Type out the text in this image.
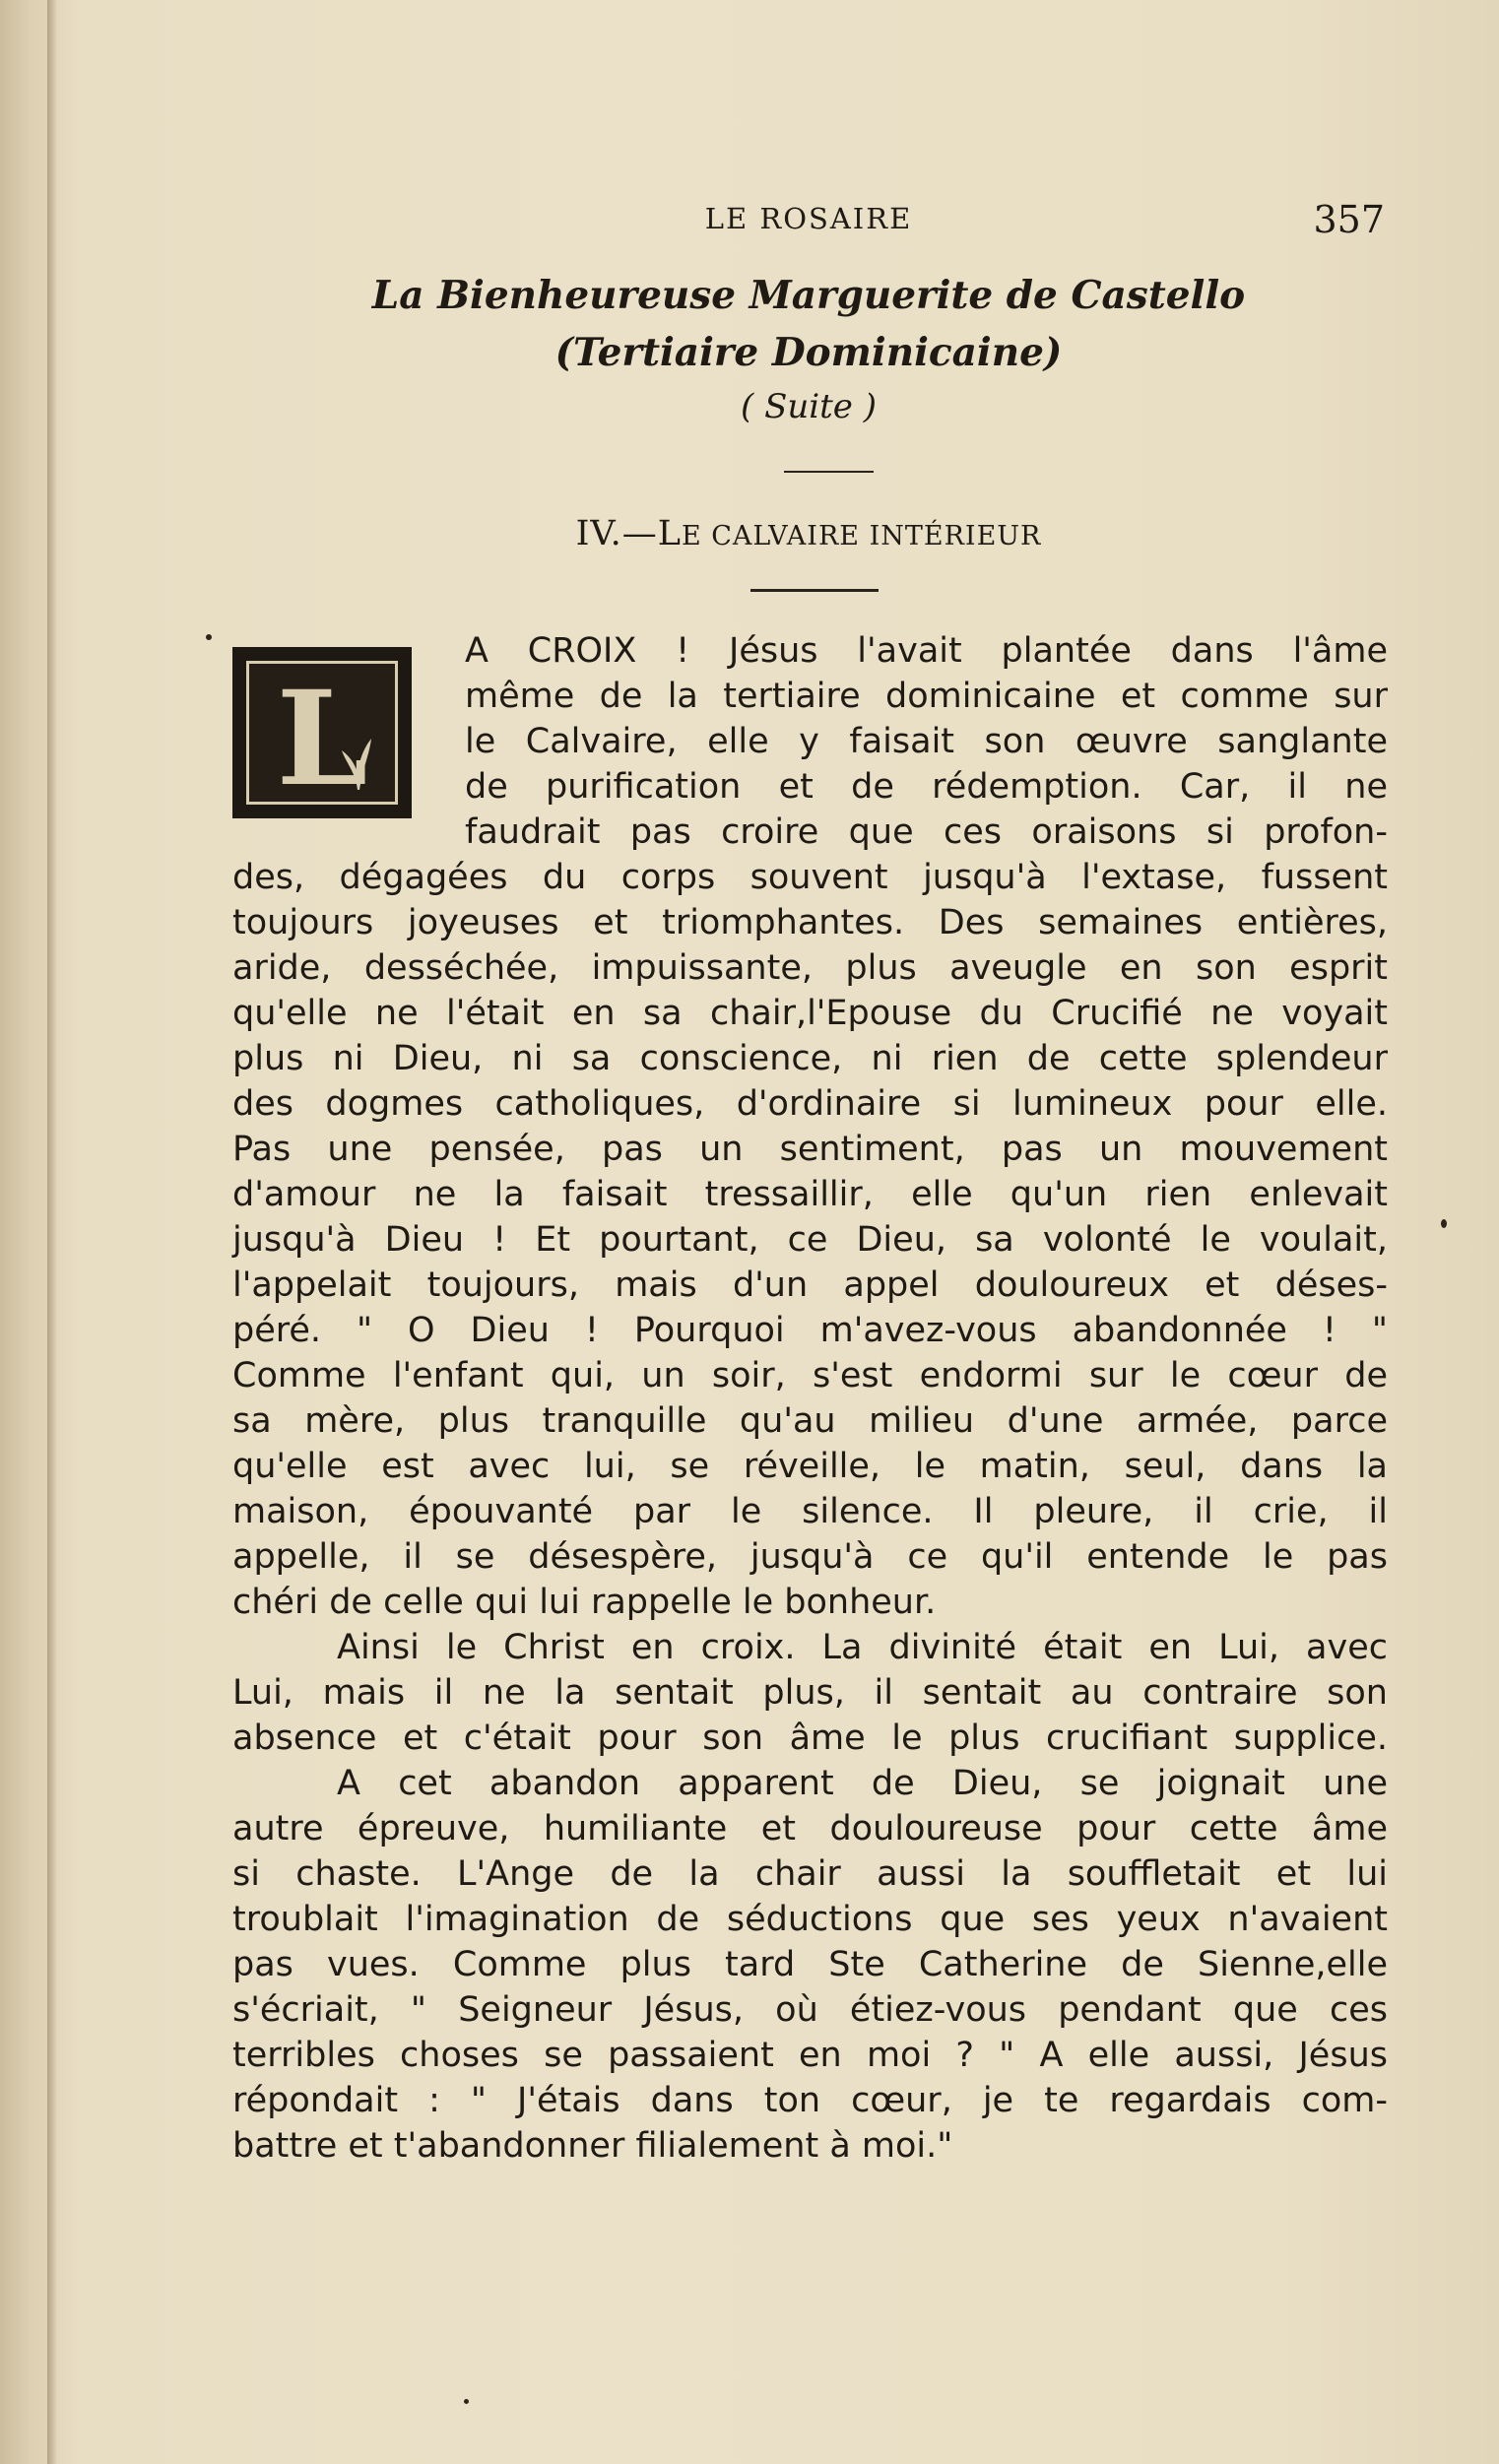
LE ROSAIRE	357
La Bienheureuse Marguerite de Castello
(Tertiaire Dominicaine)
( Suite )
IV.—LE CALVAIRE INTÉRIEUR
L
A CROIX ! Jésus l'avait plantée dans l'âme
même de la tertiaire dominicaine et comme sur
le Calvaire, elle y faisait son œuvre sanglante
de purification et de rédemption. Car, il ne
faudrait pas croire que ces oraisons si profon-
des, dégagées du corps souvent jusqu'à l'extase, fussent
toujours joyeuses et triomphantes. Des semaines entières,
aride, desséchée, impuissante, plus aveugle en son esprit
qu'elle ne l'était en sa chair,l'Epouse du Crucifié ne voyait
plus ni Dieu, ni sa conscience, ni rien de cette splendeur
des dogmes catholiques, d'ordinaire si lumineux pour elle.
Pas une pensée, pas un sentiment, pas un mouvement
d'amour ne la faisait tressaillir, elle qu'un rien enlevait
jusqu'à Dieu ! Et pourtant, ce Dieu, sa volonté le voulait,
l'appelait toujours, mais d'un appel douloureux et déses-
péré. " O Dieu ! Pourquoi m'avez-vous abandonnée ! "
Comme l'enfant qui, un soir, s'est endormi sur le cœur de
sa mère, plus tranquille qu'au milieu d'une armée, parce
qu'elle est avec lui, se réveille, le matin, seul, dans la
maison, épouvanté par le silence. Il pleure, il crie, il
appelle, il se désespère, jusqu'à ce qu'il entende le pas
chéri de celle qui lui rappelle le bonheur.
Ainsi le Christ en croix. La divinité était en Lui, avec
Lui, mais il ne la sentait plus, il sentait au contraire son
absence et c'était pour son âme le plus crucifiant supplice.
A cet abandon apparent de Dieu, se joignait une
autre épreuve, humiliante et douloureuse pour cette âme
si chaste. L'Ange de la chair aussi la souffletait et lui
troublait l'imagination de séductions que ses yeux n'avaient
pas vues. Comme plus tard Ste Catherine de Sienne,elle
s'écriait, " Seigneur Jésus, où étiez-vous pendant que ces
terribles choses se passaient en moi ? " A elle aussi, Jésus
répondait : " J'étais dans ton cœur, je te regardais com-
battre et t'abandonner filialement à moi."
